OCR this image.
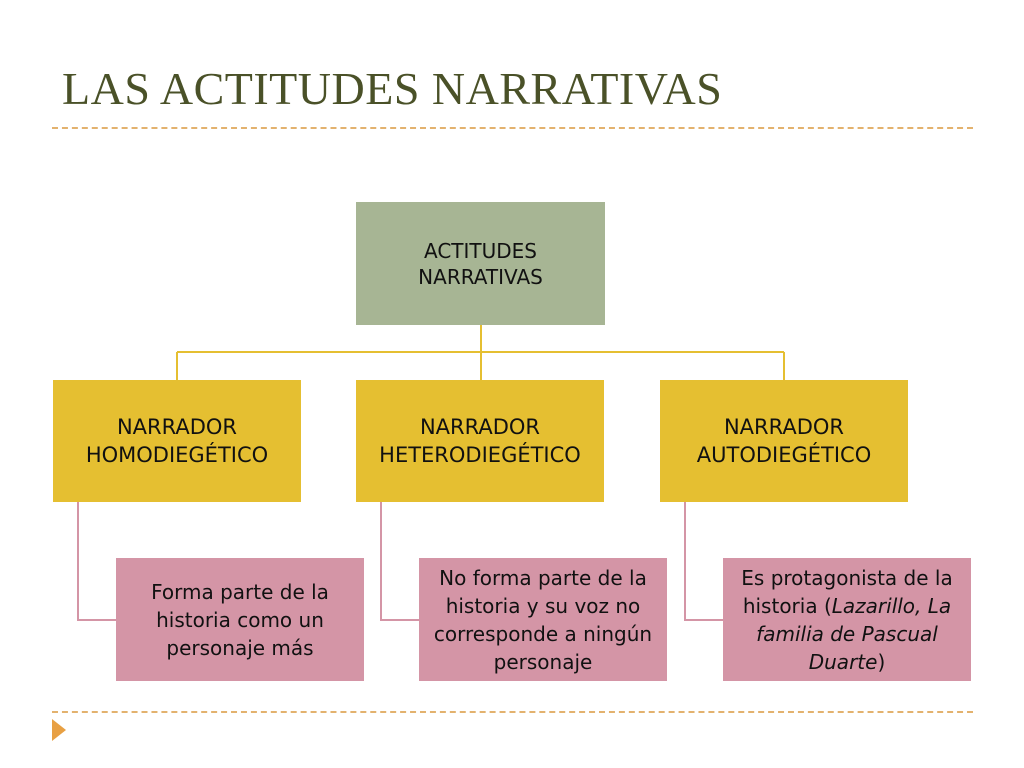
LAS ACTITUDES NARRATIVAS
ACTITUDES
NARRATIVAS
NARRADOR
HOMODIEGÉTICO
NARRADOR
HETERODIEGÉTICO
NARRADOR
AUTODIEGÉTICO
Forma parte de la historia como un personaje más
No forma parte de la historia y su voz no corresponde a ningún personaje
Es protagonista de la historia (Lazarillo, La familia de Pascual Duarte)
